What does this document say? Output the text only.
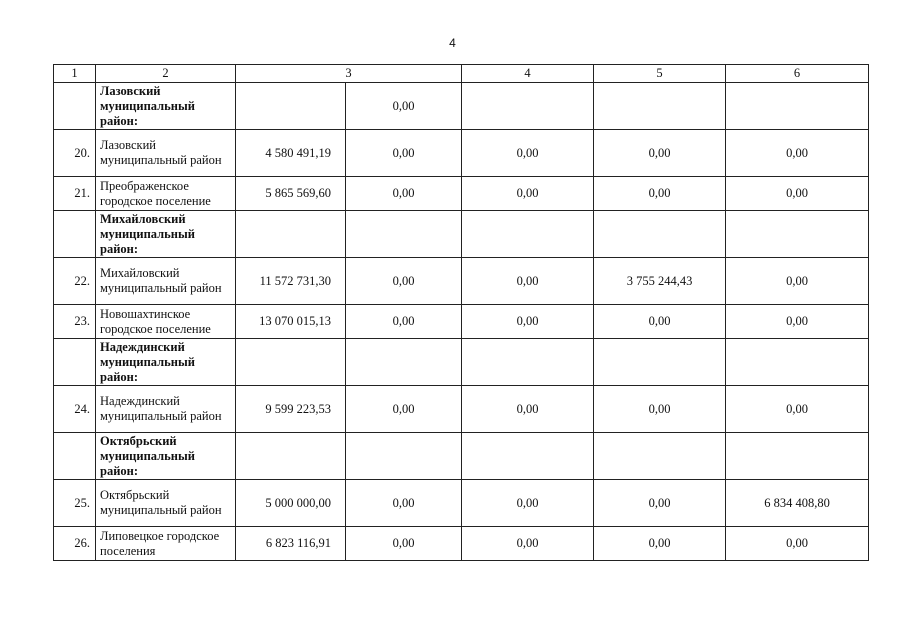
4
1	2	3		4	5	6
	Лазовский муниципальный район:		0,00			
20.	Лазовский муниципальный район	4 580 491,19	0,00	0,00	0,00	0,00
21.	Преображенское городское поселение	5 865 569,60	0,00	0,00	0,00	0,00
	Михайловский муниципальный район:					
22.	Михайловский муниципальный район	11 572 731,30	0,00	0,00	3 755 244,43	0,00
23.	Новошахтинское городское поселение	13 070 015,13	0,00	0,00	0,00	0,00
	Надеждинский муниципальный район:					
24.	Надеждинский муниципальный район	9 599 223,53	0,00	0,00	0,00	0,00
	Октябрьский муниципальный район:					
25.	Октябрьский муниципальный район	5 000 000,00	0,00	0,00	0,00	6 834 408,80
26.	Липовецкое городское поселения	6 823 116,91	0,00	0,00	0,00	0,00
